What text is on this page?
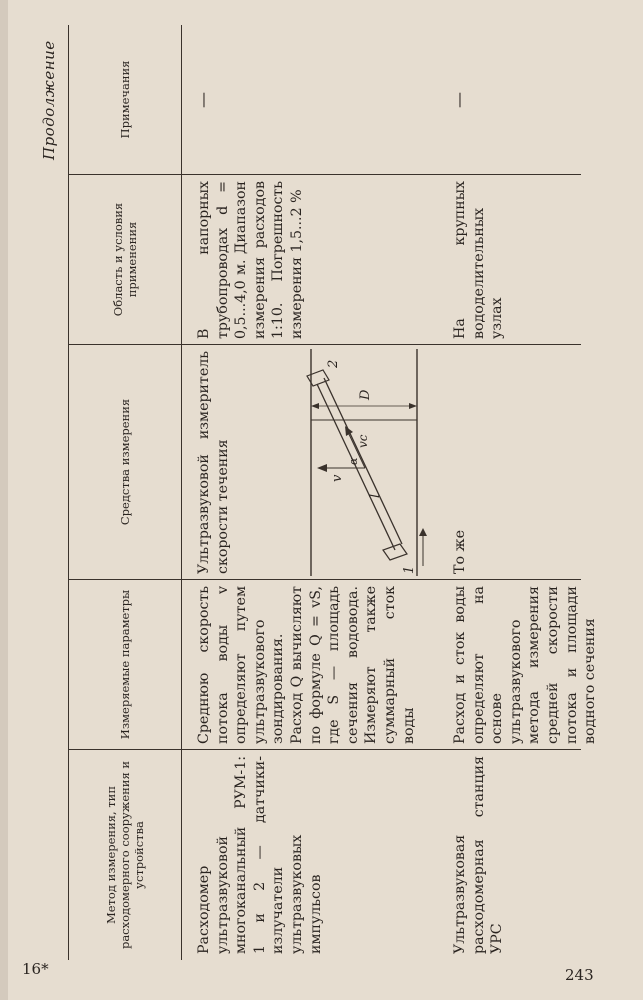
Продолжение
Метод измерения, тип расходомерного сооружения и устройства
Измеряемые параметры
Средства измерения
Область и условия применения
Примечания
Расходомер ультразвуковой многоканальный РУМ-1: 1 и 2 — датчики-излучатели ультразвуковых импульсов
Среднюю скорость потока воды v определяют путем ультразвукового зондирования. Расход Q вычисляют по формуле Q = vS, где S — площадь сечения водовода. Измеряют также суммарный сток воды
Ультразвуковой измеритель скорости течения
В напорных трубопроводах d = 0,5...4,0 м. Диапазон измерения расходов 1:10. Погрешность измерения 1,5...2 %
—
1
2
v
α
l
vc
D
Ультразвуковая расходомерная станция УРС
Расход и сток воды определяют на основе ультразвукового метода измерения средней скорости потока и площади водного сечения
То же
На крупных вододелительных узлах
—
16*	243
